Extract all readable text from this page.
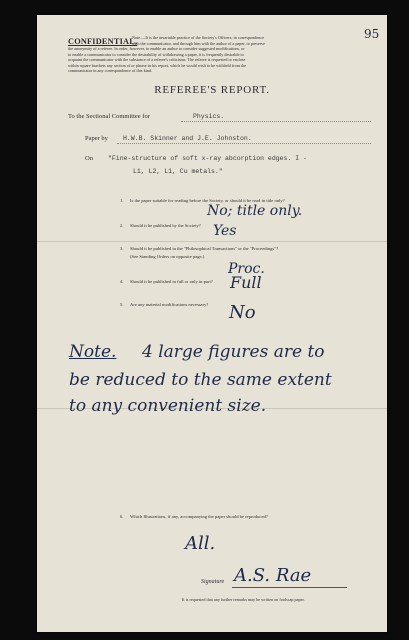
95
CONFIDENTIAL.
Note.—It is the invariable practice of the Society's Officers, in correspondence
with the communicator, and through him with the author of a paper, to preserve
the anonymity of a referee. In order, however, to enable an author to consider suggested modifications, or
to enable a communicator to consider the desirability of withdrawing a paper, it is frequently desirable to
acquaint the communicator with the substance of a referee's criticisms. The referee is requested to enclose
within square brackets any section of or phrase in his report, which he would wish to be withheld from the
communicator in any correspondence of this kind.
REFEREE'S REPORT.
To the Sectional Committee for	Physics.
Paper by H.W.B. Skinner and J.E. Johnston.
On "Fine-structure of soft x-ray abcorption edges. I -
L1, L2, L1, Cu metals."
1. Is the paper suitable for reading before the Society, or should it be read in title only?
No; title only.
2. Should it be published by the Society? Yes
3. Should it be published in the "Philosophical Transactions" or the "Proceedings"?
(See Standing Orders on opposite page.)
Proc.
4. Should it be published in full or only in part? Full
5. Are any material modifications necessary? No
Note. 4 large figures are to
be reduced to the same extent
to any convenient size.
6. Which Illustrations, if any, accompanying the paper should be reproduced?
All.
Signature A.S. Rae
It is requested that any further remarks may be written on foolscap paper.
